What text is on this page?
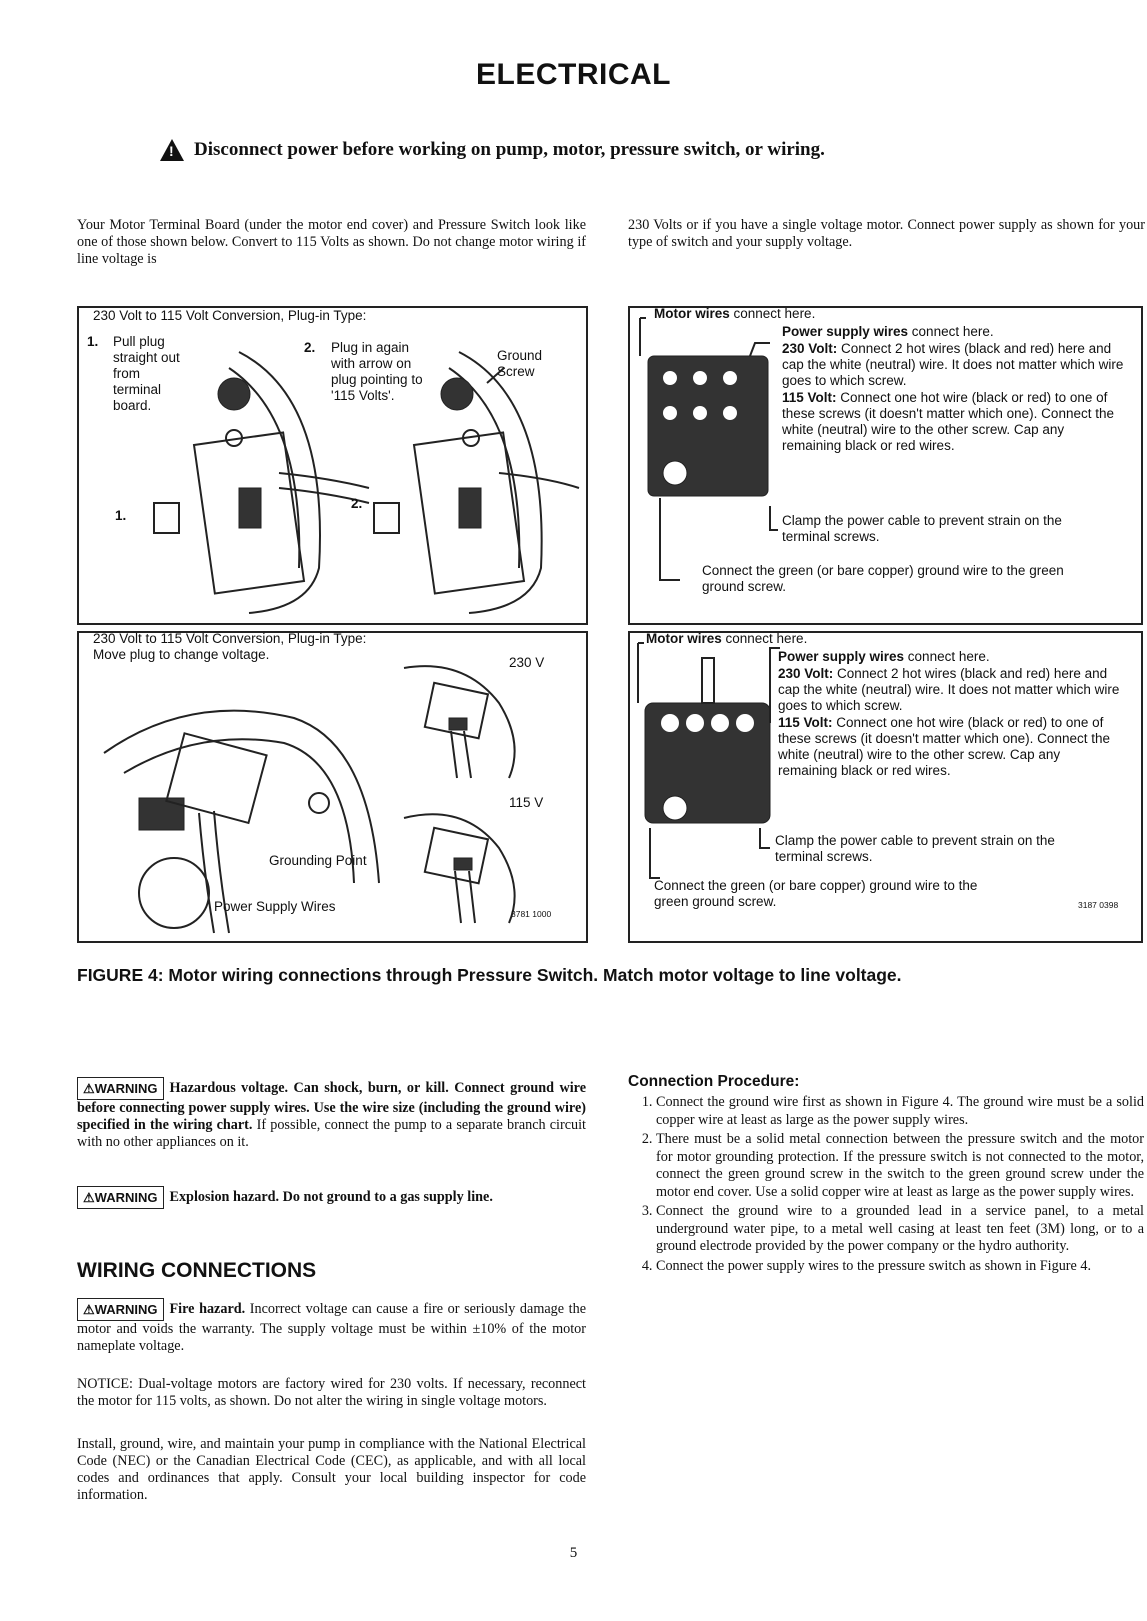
ELECTRICAL
!
Disconnect power before working on pump, motor, pressure switch, or wiring.
Your Motor Terminal Board (under the motor end cover) and Pressure Switch look like one of those shown below. Convert to 115 Volts as shown. Do not change motor wiring if line voltage is
230 Volts or if you have a single voltage motor. Connect power supply as shown for your type of switch and your supply voltage.
230 Volt to 115 Volt Conversion, Plug-in Type:
1. Pull plug straight out from terminal board.
2. Plug in again with arrow on plug pointing to '115 Volts'.
Ground Screw
1.
2.
230 Volt to 115 Volt Conversion, Plug-in Type:
Move plug to change voltage.
230 V
115 V
Grounding Point
Power Supply Wires	3781 1000
Motor wires connect here.
Power supply wires connect here.
230 Volt: Connect 2 hot wires (black and red) here and cap the white (neutral) wire. It does not matter which wire goes to which screw.
115 Volt: Connect one hot wire (black or red) to one of these screws (it doesn't matter which one). Connect the white (neutral) wire to the other screw. Cap any remaining black or red wires.
Clamp the power cable to prevent strain on the terminal screws.
Connect the green (or bare copper) ground wire to the green ground screw.
Motor wires connect here.
Power supply wires connect here.
230 Volt: Connect 2 hot wires (black and red) here and cap the white (neutral) wire. It does not matter which wire goes to which screw.
115 Volt: Connect one hot wire (black or red) to one of these screws (it doesn't matter which one). Connect the white (neutral) wire to the other screw. Cap any remaining black or red wires.
Clamp the power cable to prevent strain on the terminal screws.
Connect the green (or bare copper) ground wire to the green ground screw.	3187 0398
FIGURE 4: Motor wiring connections through Pressure Switch. Match motor voltage to line voltage.
⚠WARNING Hazardous voltage. Can shock, burn, or kill. Connect ground wire before connecting power supply wires. Use the wire size (including the ground wire) specified in the wiring chart. If possible, connect the pump to a separate branch circuit with no other appliances on it.
⚠WARNING Explosion hazard. Do not ground to a gas supply line.
WIRING CONNECTIONS
⚠WARNING Fire hazard. Incorrect voltage can cause a fire or seriously damage the motor and voids the warranty. The supply voltage must be within ±10% of the motor nameplate voltage.
NOTICE: Dual-voltage motors are factory wired for 230 volts. If necessary, reconnect the motor for 115 volts, as shown. Do not alter the wiring in single voltage motors.
Install, ground, wire, and maintain your pump in compliance with the National Electrical Code (NEC) or the Canadian Electrical Code (CEC), as applicable, and with all local codes and ordinances that apply. Consult your local building inspector for code information.
Connection Procedure:
1. Connect the ground wire first as shown in Figure 4. The ground wire must be a solid copper wire at least as large as the power supply wires.
2. There must be a solid metal connection between the pressure switch and the motor for motor grounding protection. If the pressure switch is not connected to the motor, connect the green ground screw in the switch to the green ground screw under the motor end cover. Use a solid copper wire at least as large as the power supply wires.
3. Connect the ground wire to a grounded lead in a service panel, to a metal underground water pipe, to a metal well casing at least ten feet (3M) long, or to a ground electrode provided by the power company or the hydro authority.
4. Connect the power supply wires to the pressure switch as shown in Figure 4.
5
